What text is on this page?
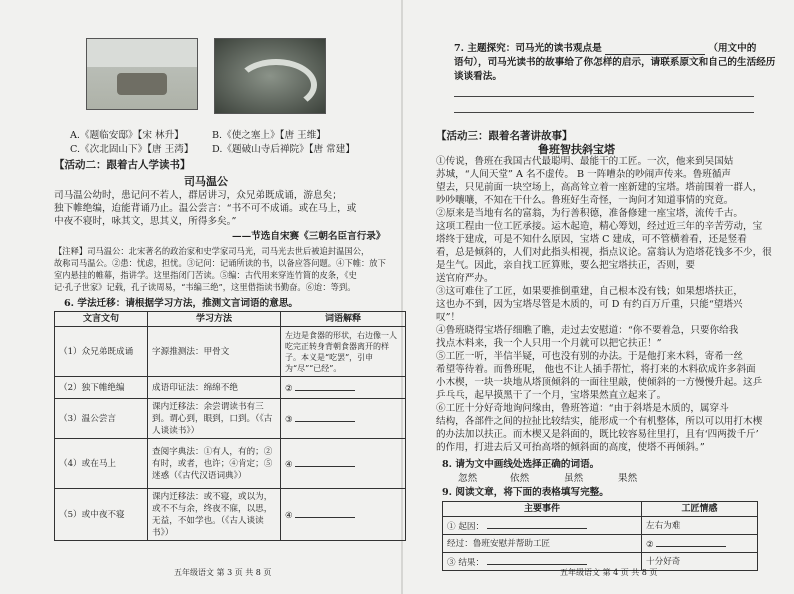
A.《题临安邸》【宋 林升】	B.《使之塞上》【唐 王维】
C.《次北固山下》【唐 王湾】 D.《题破山寺后禅院》【唐 常建】
【活动二：跟着古人学读书】
司马温公
司马温公幼时，患记问不若人，群居讲习，众兄弟既成诵，游息矣；
独下帷绝编，迨能背诵乃止。温公尝言：“书不可不成诵。或在马上，或
中夜不寝时，咏其文，思其义，所得多矣。”
——节选自宋赛《三朝名臣言行录》
【注释】司马温公：北宋著名的政治家和史学家司马光，司马光去世后被追封温国公，
故称司马温公。②患：忧虑，担忧。③记问：记诵所读的书，以备应答问题。④下帷：放下
室内悬挂的帷幕，指讲学。这里指闭门苦读。⑤编：古代用来穿连竹简的皮条，《史
记·孔子世家》记载，孔子读周易，“韦编三绝”，这里借指读书勤奋。⑥迨：等到。
6. 学法迁移：请根据学习方法，推测文言词语的意思。
文言文句	学习方法	词语解释
（1）众兄弟既成诵	字源推测法：甲骨文	左边是食器的形状，右边像一人吃完正转身背朝食器离开的样子。本义是“吃罢”，引申为“尽”“已经”。
（2）独下帷绝编	成语印证法：绵绵不绝	②
（3）温公尝言	课内迁移法：余尝谓读书有三到。谓心到，眼到，口到。（《古人谈读书》）	③
（4）或在马上	查阅字典法：①有人，有的；②有时，或者，也许；④肯定；⑤迷惑（《古代汉语词典》）	④
（5）或中夜不寝	课内迁移法：或不寝，或以为，或不不与余，终夜不寐，以思，无益，不如学也。（《古人谈读书》）	④
五年级语文 第 3 页 共 8 页
7. 主题探究：司马光的读书观点是	（用文中的
语句），司马光读书的故事给了你怎样的启示，请联系原文和自己的生活经历
谈谈看法。
【活动三：跟着名著讲故事】
鲁班智扶斜宝塔
①传说，鲁班在我国古代最聪明、最能干的工匠。一次，他来到吴国姑
苏城，“人间天堂” A 名不虚传。 B 一阵嘈杂的吵闹声传来。鲁班循声
望去，只见前面一块空场上，高高耸立着一座新建的宝塔。塔前围着一群人，
吵吵嚷嚷，不知在干什么。鲁班好生奇怪，一询问才知道事情的究竟。
②原来是当地有名的富翁，为行善积德，准备修建一座宝塔，流传千古。
这项工程由一位工匠承接。运木起造，精心筹划，经过近三年的辛苦劳动，宝
塔终于建成，可是不知什么原因，宝塔 C 建成，可不管横着看，还是竖看
看，总是倾斜的，人们对此指头相视，指点议论。富翁认为造塔花钱多不少，很
是生气。因此，亲自找工匠算账，要么把宝塔扶正，否则，要
送官府严办。
③这可难住了工匠，如果要推倒重建，自己根本没有钱；如果想塔扶正，
这也办不到，因为宝塔尽管是木质的，可 D 有约百万斤重，只能“望塔兴
叹”！
④鲁班晓得宝塔仔细瞧了瞧，走过去安慰道：“你不要着急，只要你给我
找点木料来，我一个人只用一个月就可以把它扶正！”
⑤工匠一听，半信半疑，可也没有别的办法。于是他打来木料，寄希一丝
希望等待着。而鲁班呢， 他也不让人插手帮忙，将打来的木料砍成许多斜面
小木楔，一块一块地从塔顶倾斜的一面往里敲，使倾斜的一方慢慢升起。这乒
乒乓乓，起早摸黑干了一个月，宝塔果然直立起来了。
⑥工匠十分好奇地询问缘由，鲁班答道：“由于斜塔是木质的，属穿斗
结构，各部件之间的拉扯比较结实，能形成一个有机整体，所以可以用打木楔
的办法加以扶正。而木楔又是斜面的，既比较容易往里打，且有‘四两拨千斤’
的作用，打进去后又可抬高塔的倾斜面的高度，使塔不再倾斜。”
8. 请为文中画线处选择正确的词语。
忽然	依然	虽然	果然
9. 阅读文章，将下面的表格填写完整。
主要事件	工匠情感
① 起因：	左右为难
经过：鲁班安慰并帮助工匠	②
③ 结果：	十分好奇
五年级语文 第 4 页 共 8 页
